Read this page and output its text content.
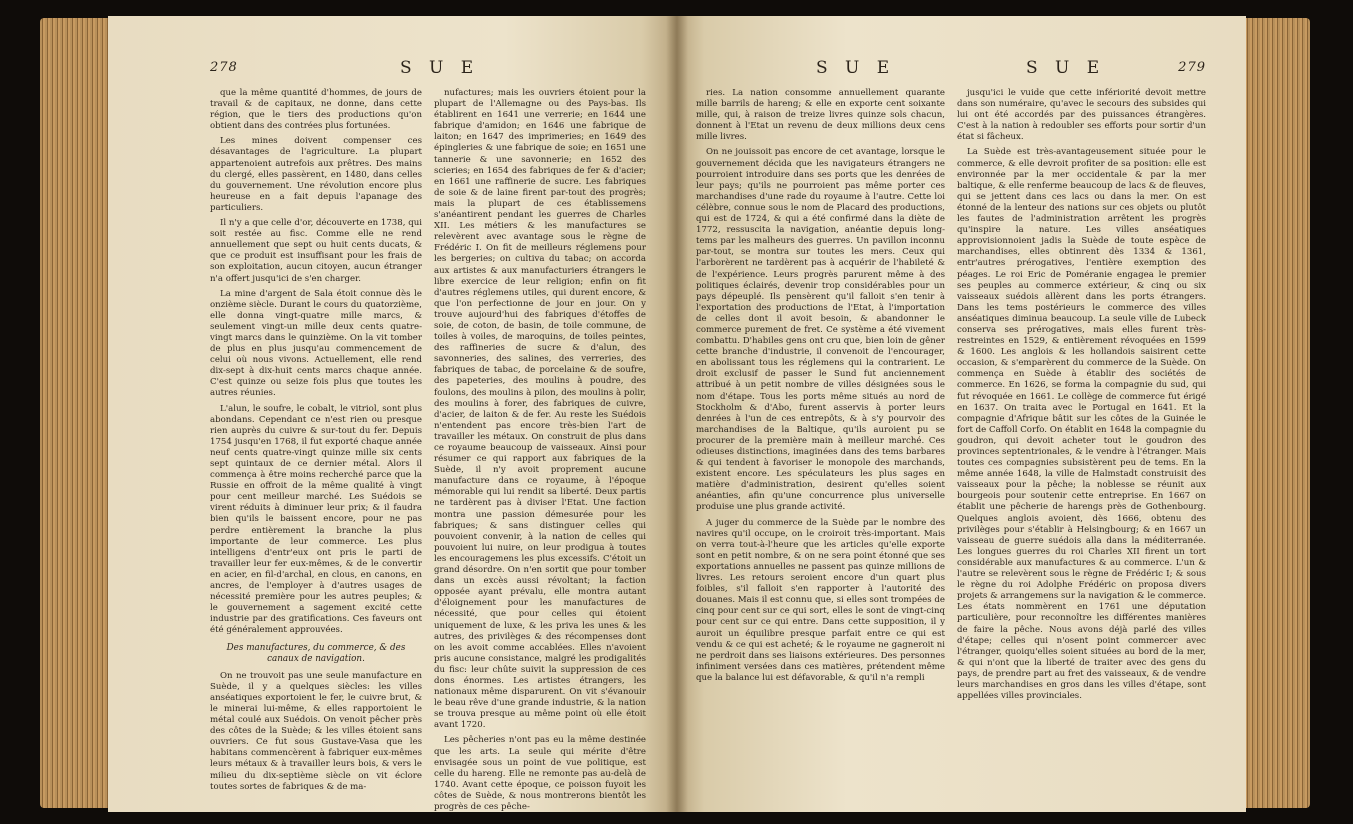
278	S U E

que la même quantité d'hommes, de jours de travail & de capitaux, ne donne, dans cette région, que le tiers des productions qu'on obtient dans des contrées plus fortunées.

Les mines doivent compenser ces désavantages de l'agriculture. La plupart appartenoient autrefois aux prêtres. Des mains du clergé, elles passèrent, en 1480, dans celles du gouvernement. Une révolution encore plus heureuse en a fait depuis l'apanage des particuliers.

Il n'y a que celle d'or, découverte en 1738, qui soit restée au fisc. Comme elle ne rend annuellement que sept ou huit cents ducats, & que ce produit est insuffisant pour les frais de son exploitation, aucun citoyen, aucun étranger n'a offert jusqu'ici de s'en charger.

La mine d'argent de Sala étoit connue dès le onzième siècle. Durant le cours du quatorzième, elle donna vingt-quatre mille marcs, & seulement vingt-un mille deux cents quatre-vingt marcs dans le quinzième. On la vit tomber de plus en plus jusqu'au commencement de celui où nous vivons. Actuellement, elle rend dix-sept à dix-huit cents marcs chaque année. C'est quinze ou seize fois plus que toutes les autres réunies.

L'alun, le soufre, le cobalt, le vitriol, sont plus abondans. Cependant ce n'est rien ou presque rien auprès du cuivre & sur-tout du fer. Depuis 1754 jusqu'en 1768, il fut exporté chaque année neuf cents quatre-vingt quinze mille six cents sept quintaux de ce dernier métal. Alors il commença à être moins recherché parce que la Russie en offroit de la même qualité à vingt pour cent meilleur marché. Les Suédois se virent réduits à diminuer leur prix; & il faudra bien qu'ils le baissent encore, pour ne pas perdre entièrement la branche la plus importante de leur commerce. Les plus intelligens d'entr'eux ont pris le parti de travailler leur fer eux-mêmes, & de le convertir en acier, en fil-d'archal, en clous, en canons, en ancres, de l'employer à d'autres usages de nécessité première pour les autres peuples; & le gouvernement a sagement excité cette industrie par des gratifications. Ces faveurs ont été généralement approuvées.

Des manufactures, du commerce, & des canaux de navigation.

On ne trouvoit pas une seule manufacture en Suède, il y a quelques siècles: les villes anséatiques exportoient le fer, le cuivre brut, & le minerai lui-même, & elles rapportoient le métal coulé aux Suédois. On venoit pêcher près des côtes de la Suède; & les villes étoient sans ouvriers. Ce fut sous Gustave-Vasa que les habitans commencèrent à fabriquer eux-mêmes leurs métaux & à travailler leurs bois, & vers le milieu du dix-septième siècle on vit éclore toutes sortes de fabriques & de ma-

nufactures; mais les ouvriers étoient pour la plupart de l'Allemagne ou des Pays-bas. Ils établirent en 1641 une verrerie; en 1644 une fabrique d'amidon; en 1646 une fabrique de laiton; en 1647 des imprimeries; en 1649 des épingleries & une fabrique de soie; en 1651 une tannerie & une savonnerie; en 1652 des scieries; en 1654 des fabriques de fer & d'acier; en 1661 une raffinerie de sucre. Les fabriques de soie & de laine firent par-tout des progrès; mais la plupart de ces établissemens s'anéantirent pendant les guerres de Charles XII. Les métiers & les manufactures se relevèrent avec avantage sous le règne de Frédéric I. On fit de meilleurs réglemens pour les bergeries; on cultiva du tabac; on accorda aux artistes & aux manufacturiers étrangers le libre exercice de leur religion; enfin on fit d'autres réglemens utiles, qui durent encore, & que l'on perfectionne de jour en jour. On y trouve aujourd'hui des fabriques d'étoffes de soie, de coton, de basin, de toile commune, de toiles à voiles, de maroquins, de toiles peintes, des raffineries de sucre & d'alun, des savonneries, des salines, des verreries, des fabriques de tabac, de porcelaine & de soufre, des papeteries, des moulins à poudre, des foulons, des moulins à pilon, des moulins à polir, des moulins à forer, des fabriques de cuivre, d'acier, de laiton & de fer. Au reste les Suédois n'entendent pas encore très-bien l'art de travailler les métaux. On construit de plus dans ce royaume beaucoup de vaisseaux. Ainsi pour résumer ce qui rapport aux fabriques de la Suède, il n'y avoit proprement aucune manufacture dans ce royaume, à l'époque mémorable qui lui rendit sa liberté. Deux partis ne tardèrent pas à diviser l'Etat. Une faction montra une passion démesurée pour les fabriques; & sans distinguer celles qui pouvoient convenir, à la nation de celles qui pouvoient lui nuire, on leur prodigua à toutes les encouragemens les plus excessifs. C'étoit un grand désordre. On n'en sortit que pour tomber dans un excès aussi révoltant; la faction opposée ayant prévalu, elle montra autant d'éloignement pour les manufactures de nécessité, que pour celles qui étoient uniquement de luxe, & les priva les unes & les autres, des privilèges & des récompenses dont on les avoit comme accablées. Elles n'avoient pris aucune consistance, malgré les prodigalités du fisc: leur chûte suivit la suppression de ces dons énormes. Les artistes étrangers, les nationaux même disparurent. On vit s'évanouir le beau rêve d'une grande industrie, & la nation se trouva presque au même point où elle étoit avant 1720.

Les pêcheries n'ont pas eu la même destinée que les arts. La seule qui mérite d'être envisagée sous un point de vue politique, est celle du hareng. Elle ne remonte pas au-delà de 1740. Avant cette époque, ce poisson fuyoit les côtes de Suède, & nous montrerons bientôt les progrès de ces pêche-

S U E	S U E	279

ries. La nation consomme annuellement quarante mille barrils de hareng; & elle en exporte cent soixante mille, qui, à raison de treize livres quinze sols chacun, donnent à l'Etat un revenu de deux millions deux cens mille livres.

On ne jouissoit pas encore de cet avantage, lorsque le gouvernement décida que les navigateurs étrangers ne pourroient introduire dans ses ports que les denrées de leur pays; qu'ils ne pourroient pas même porter ces marchandises d'une rade du royaume à l'autre. Cette loi célèbre, connue sous le nom de Placard des productions, qui est de 1724, & qui a été confirmé dans la diète de 1772, ressuscita la navigation, anéantie depuis long-tems par les malheurs des guerres. Un pavillon inconnu par-tout, se montra sur toutes les mers. Ceux qui l'arborèrent ne tardèrent pas à acquérir de l'habileté & de l'expérience. Leurs progrès parurent même à des politiques éclairés, devenir trop considérables pour un pays dépeuplé. Ils pensèrent qu'il falloit s'en tenir à l'exportation des productions de l'Etat, à l'importation de celles dont il avoit besoin, & abandonner le commerce purement de fret. Ce système a été vivement combattu. D'habiles gens ont cru que, bien loin de gêner cette branche d'industrie, il convenoit de l'encourager, en abolissant tous les réglemens qui la contrarient. Le droit exclusif de passer le Sund fut anciennement attribué à un petit nombre de villes désignées sous le nom d'étape. Tous les ports même situés au nord de Stockholm & d'Abo, furent asservis à porter leurs denrées à l'un de ces entrepôts, & à s'y pourvoir des marchandises de la Baltique, qu'ils auroient pu se procurer de la première main à meilleur marché. Ces odieuses distinctions, imaginées dans des tems barbares & qui tendent à favoriser le monopole des marchands, existent encore. Les spéculateurs les plus sages en matière d'administration, desirent qu'elles soient anéanties, afin qu'une concurrence plus universelle produise une plus grande activité.

A juger du commerce de la Suède par le nombre des navires qu'il occupe, on le croiroit très-important. Mais on verra tout-à-l'heure que les articles qu'elle exporte sont en petit nombre, & on ne sera point étonné que ses exportations annuelles ne passent pas quinze millions de livres. Les retours seroient encore d'un quart plus foibles, s'il falloit s'en rapporter à l'autorité des douanes. Mais il est connu que, si elles sont trompées de cinq pour cent sur ce qui sort, elles le sont de vingt-cinq pour cent sur ce qui entre. Dans cette supposition, il y auroit un équilibre presque parfait entre ce qui est vendu & ce qui est acheté; & le royaume ne gagneroit ni ne perdroit dans ses liaisons extérieures. Des personnes infiniment versées dans ces matières, prétendent même que la balance lui est défavorable, & qu'il n'a rempli

jusqu'ici le vuide que cette infériorité devoit mettre dans son numéraire, qu'avec le secours des subsides qui lui ont été accordés par des puissances étrangères. C'est à la nation à redoubler ses efforts pour sortir d'un état si fâcheux.

La Suède est très-avantageusement située pour le commerce, & elle devroit profiter de sa position: elle est environnée par la mer occidentale & par la mer baltique, & elle renferme beaucoup de lacs & de fleuves, qui se jettent dans ces lacs ou dans la mer. On est étonné de la lenteur des nations sur ces objets ou plutôt les fautes de l'administration arrêtent les progrès qu'inspire la nature. Les villes anséatiques approvisionnoient jadis la Suède de toute espèce de marchandises, elles obtinrent dès 1334 & 1361, entr'autres prérogatives, l'entière exemption des péages. Le roi Eric de Poméranie engagea le premier ses peuples au commerce extérieur, & cinq ou six vaisseaux suédois allèrent dans les ports étrangers. Dans les tems postérieurs le commerce des villes anséatiques diminua beaucoup. La seule ville de Lubeck conserva ses prérogatives, mais elles furent très-restreintes en 1529, & entièrement révoquées en 1599 & 1600. Les anglois & les hollandois saisirent cette occasion, & s'emparèrent du commerce de la Suède. On commença en Suède à établir des sociétés de commerce. En 1626, se forma la compagnie du sud, qui fut révoquée en 1661. Le collège de commerce fut érigé en 1637. On traita avec le Portugal en 1641. Et la compagnie d'Afrique bâtit sur les côtes de la Guinée le fort de Caffoll Corfo. On établit en 1648 la compagnie du goudron, qui devoit acheter tout le goudron des provinces septentrionales, & le vendre à l'étranger. Mais toutes ces compagnies subsistèrent peu de tems. En la même année 1648, la ville de Halmstadt construisit des vaisseaux pour la pêche; la noblesse se réunit aux bourgeois pour soutenir cette entreprise. En 1667 on établit une pêcherie de harengs près de Gothenbourg. Quelques anglois avoient, dès 1666, obtenu des privilèges pour s'établir à Helsingbourg; & en 1667 un vaisseau de guerre suédois alla dans la méditerranée. Les longues guerres du roi Charles XII firent un tort considérable aux manufactures & au commerce. L'un & l'autre se relevèrent sous le règne de Frédéric I; & sous le règne du roi Adolphe Frédéric on proposa divers projets & arrangemens sur la navigation & le commerce. Les états nommèrent en 1761 une députation particulière, pour reconnoître les différentes manières de faire la pêche. Nous avons déjà parlé des villes d'étape; celles qui n'osent point commercer avec l'étranger, quoiqu'elles soient situées au bord de la mer, & qui n'ont que la liberté de traiter avec des gens du pays, de prendre part au fret des vaisseaux, & de vendre leurs marchandises en gros dans les villes d'étape, sont appellées villes provinciales.
